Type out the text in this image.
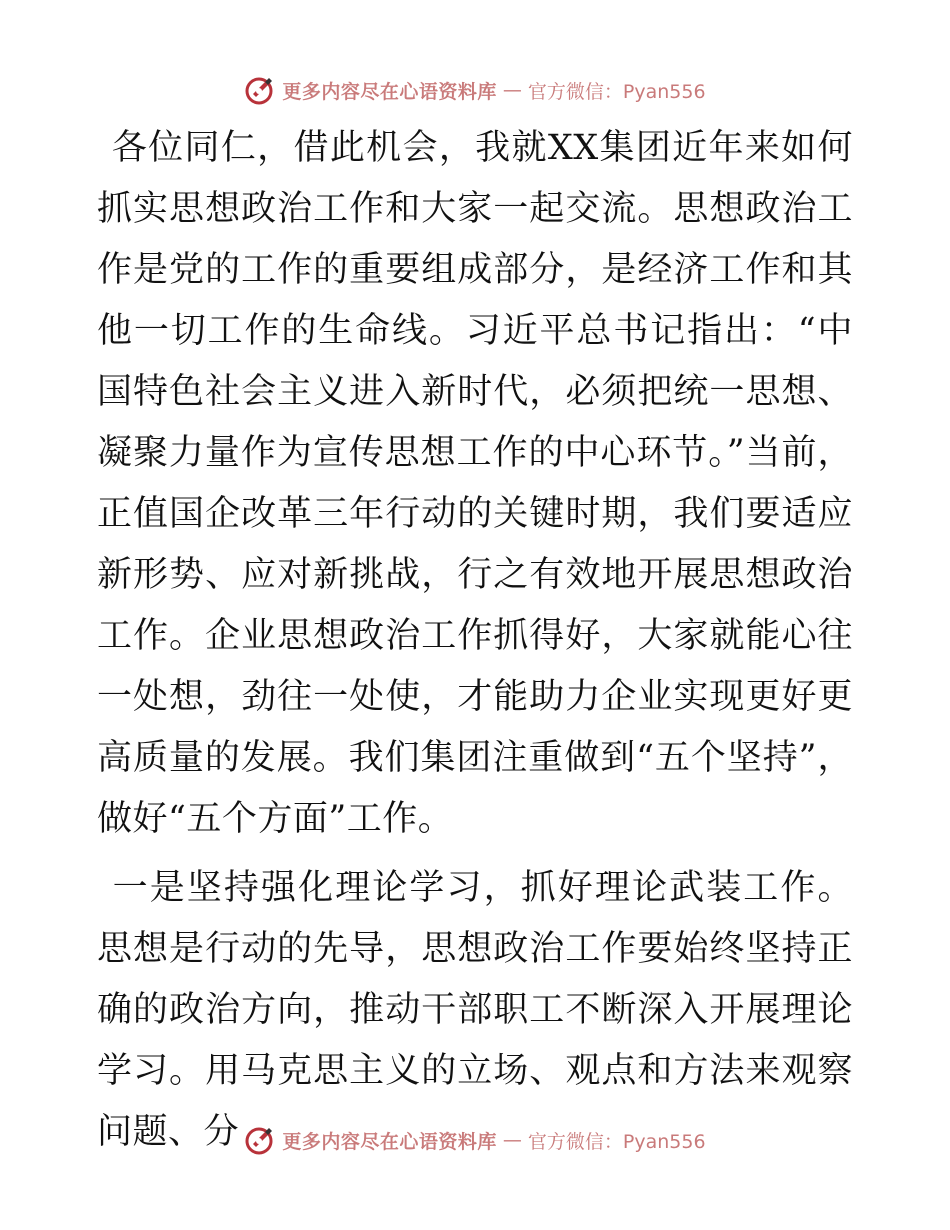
更多内容尽在心语资料库 — 官方微信：Pyan556

各位同仁，借此机会，我就XX集团近年来如何抓实思想政治工作和大家一起交流。思想政治工作是党的工作的重要组成部分，是经济工作和其他一切工作的生命线。习近平总书记指出：“中国特色社会主义进入新时代，必须把统一思想、凝聚力量作为宣传思想工作的中心环节。”当前，正值国企改革三年行动的关键时期，我们要适应新形势、应对新挑战，行之有效地开展思想政治工作。企业思想政治工作抓得好，大家就能心往一处想，劲往一处使，才能助力企业实现更好更高质量的发展。我们集团注重做到“五个坚持”，做好“五个方面”工作。

一是坚持强化理论学习，抓好理论武装工作。思想是行动的先导，思想政治工作要始终坚持正确的政治方向，推动干部职工不断深入开展理论学习。用马克思主义的立场、观点和方法来观察问题、分	更多内容尽在心语资料库 — 官方微信：Pyan556
